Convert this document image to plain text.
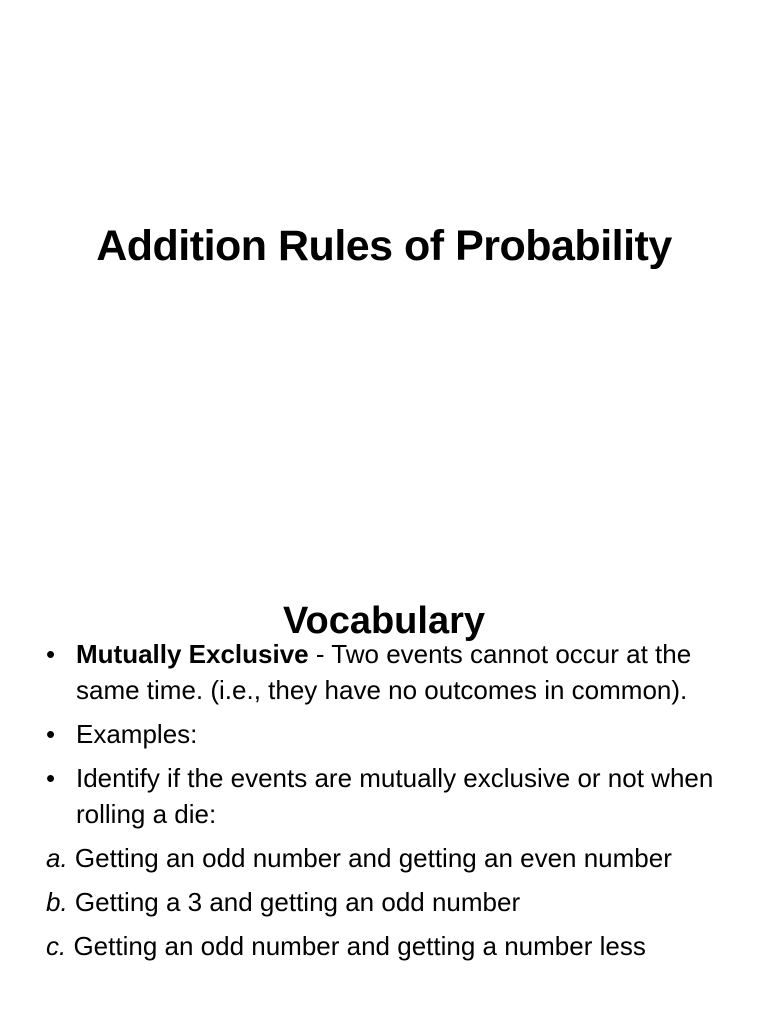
Addition Rules of Probability
Vocabulary
• Mutually Exclusive - Two events cannot occur at the same time. (i.e., they have no outcomes in common).
• Examples:
• Identify if the events are mutually exclusive or not when rolling a die:
a. Getting an odd number and getting an even number
b. Getting a 3 and getting an odd number
c. Getting an odd number and getting a number less
